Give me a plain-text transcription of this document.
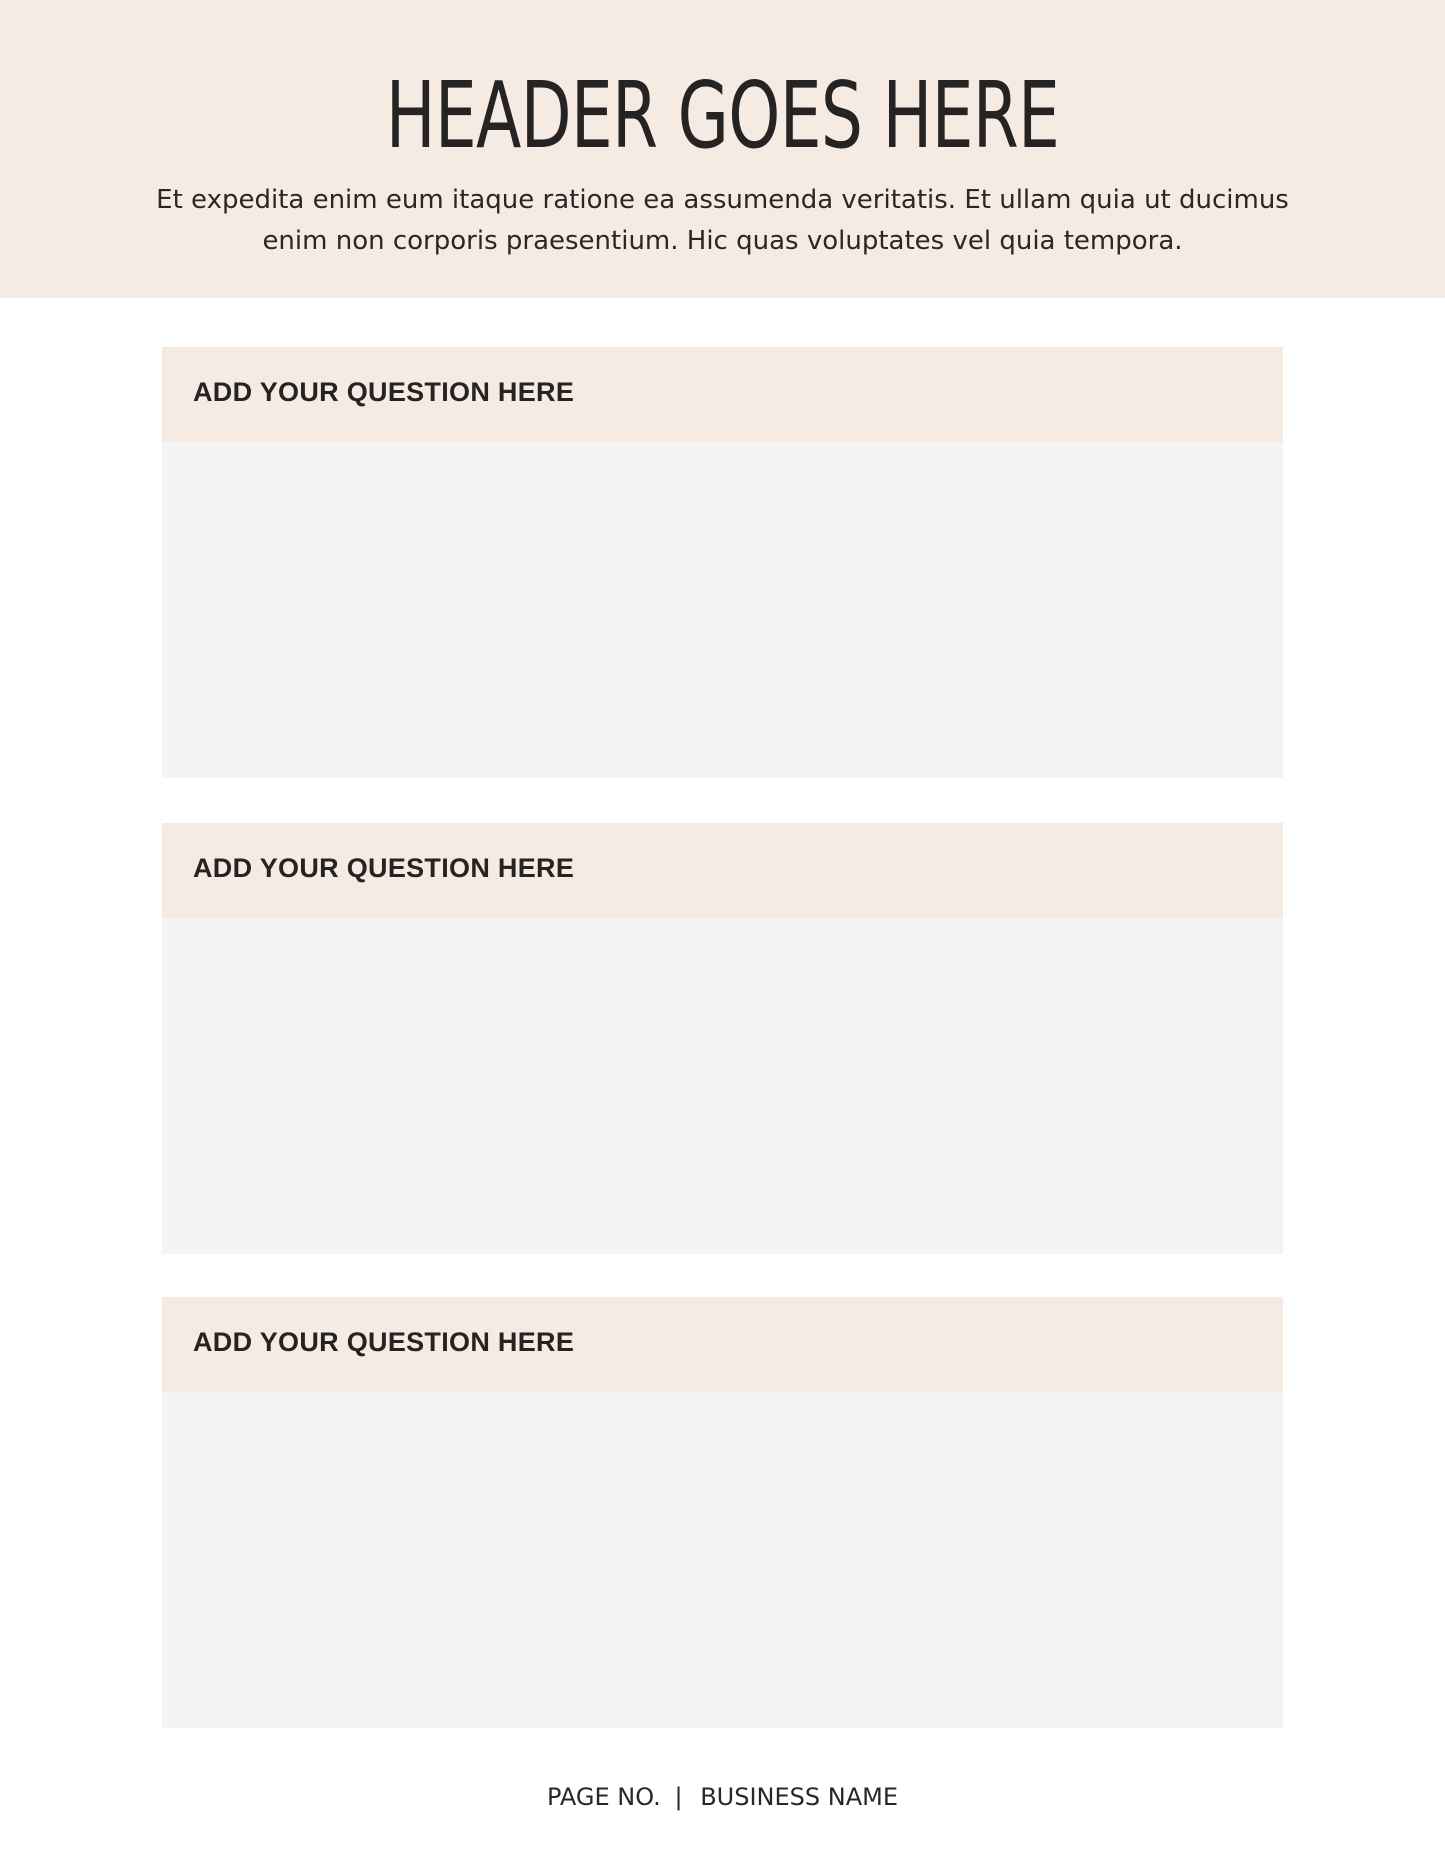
HEADER GOES HERE

Et expedita enim eum itaque ratione ea assumenda veritatis. Et ullam quia ut ducimus enim non corporis praesentium. Hic quas voluptates vel quia tempora.

ADD YOUR QUESTION HERE
ADD YOUR QUESTION HERE
ADD YOUR QUESTION HERE
PAGE NO. | BUSINESS NAME
